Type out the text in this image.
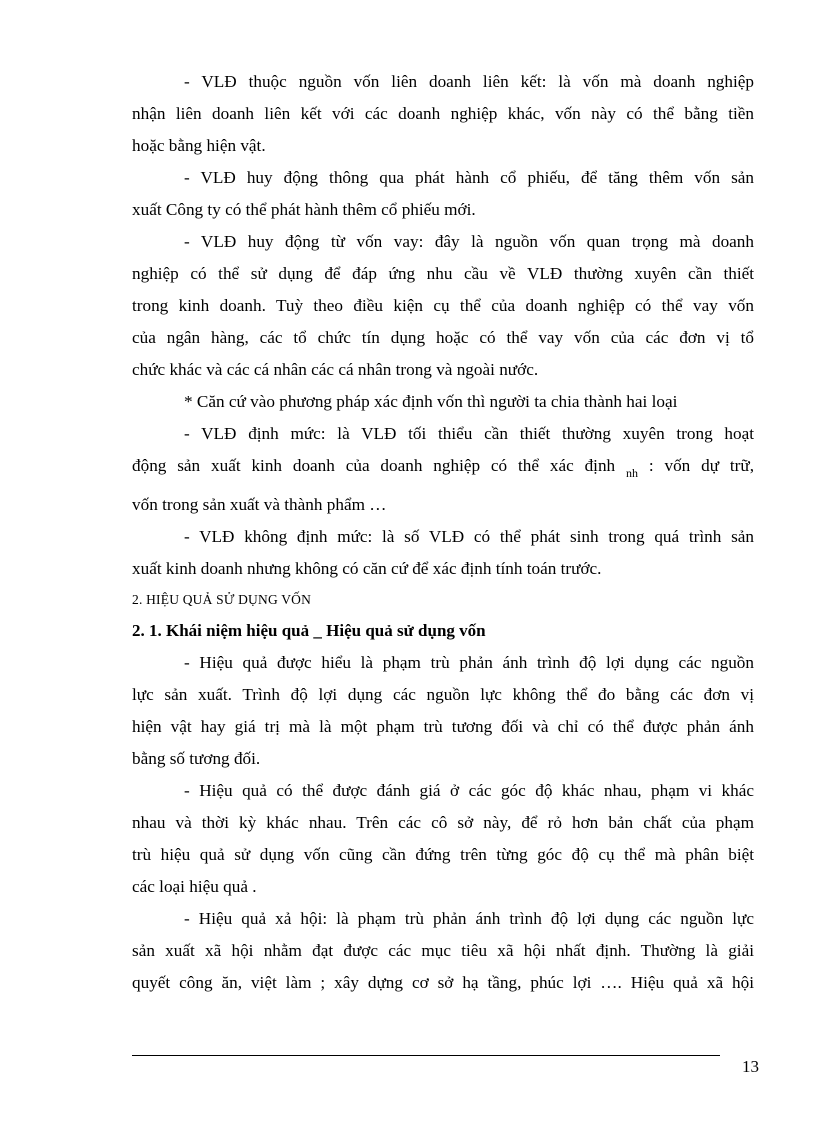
- VLĐ thuộc nguồn vốn liên doanh liên kết: là vốn mà doanh nghiệp

nhận liên doanh liên kết với các doanh nghiệp khác, vốn này có thể bằng tiền

hoặc bằng hiện vật.

- VLĐ huy động thông qua phát hành cổ phiếu, để tăng thêm vốn sản

xuất Công ty có thể phát hành thêm cổ phiếu mới.

- VLĐ huy động từ vốn vay: đây là nguồn vốn quan trọng mà doanh

nghiệp có thể sử dụng để đáp ứng nhu cầu về VLĐ thường xuyên cần thiết

trong kinh doanh. Tuỳ theo điều kiện cụ thể của doanh nghiệp có thể vay vốn

của ngân hàng, các tổ chức tín dụng hoặc có thể vay vốn của các đơn vị tổ

chức khác và các cá nhân các cá nhân trong và ngoài nước.

* Căn cứ vào phương pháp xác định vốn thì người ta chia thành hai loại

- VLĐ định mức: là VLĐ tối thiểu cần thiết thường xuyên trong hoạt

động sản xuất kinh doanh của doanh nghiệp có thể xác định $_{nh}$ : vốn dự trữ,

vốn trong sản xuất và thành phẩm …

- VLĐ không định mức: là số VLĐ có thể phát sinh trong quá trình sản

xuất kinh doanh nhưng không có căn cứ để xác định tính toán trước.

2. HIỆU QUẢ SỬ DỤNG VỐN

2. 1. Khái niệm hiệu quả _ Hiệu quả sử dụng vốn

- Hiệu quả được hiểu là phạm trù phản ánh trình độ lợi dụng các nguồn

lực sản xuất. Trình độ lợi dụng các nguồn lực không thể đo bằng các đơn vị

hiện vật hay giá trị mà là một phạm trù tương đối và chỉ có thể được phản ánh

bằng số tương đối.

- Hiệu quả có thể được đánh giá ở các góc độ khác nhau, phạm vi khác

nhau và thời kỳ khác nhau. Trên các cô sở này, để rỏ hơn bản chất của phạm

trù hiệu quả sử dụng vốn cũng cần đứng trên từng góc độ cụ thể mà phân biệt

các loại hiệu quả .

- Hiệu quả xả hội: là phạm trù phản ánh trình độ lợi dụng các nguồn lực

sản xuất xã hội nhằm đạt được các mục tiêu xã hội nhất định. Thường là giải

quyết công ăn, việt làm ; xây dựng cơ sở hạ tầng, phúc lợi …. Hiệu quả xã hội

13
